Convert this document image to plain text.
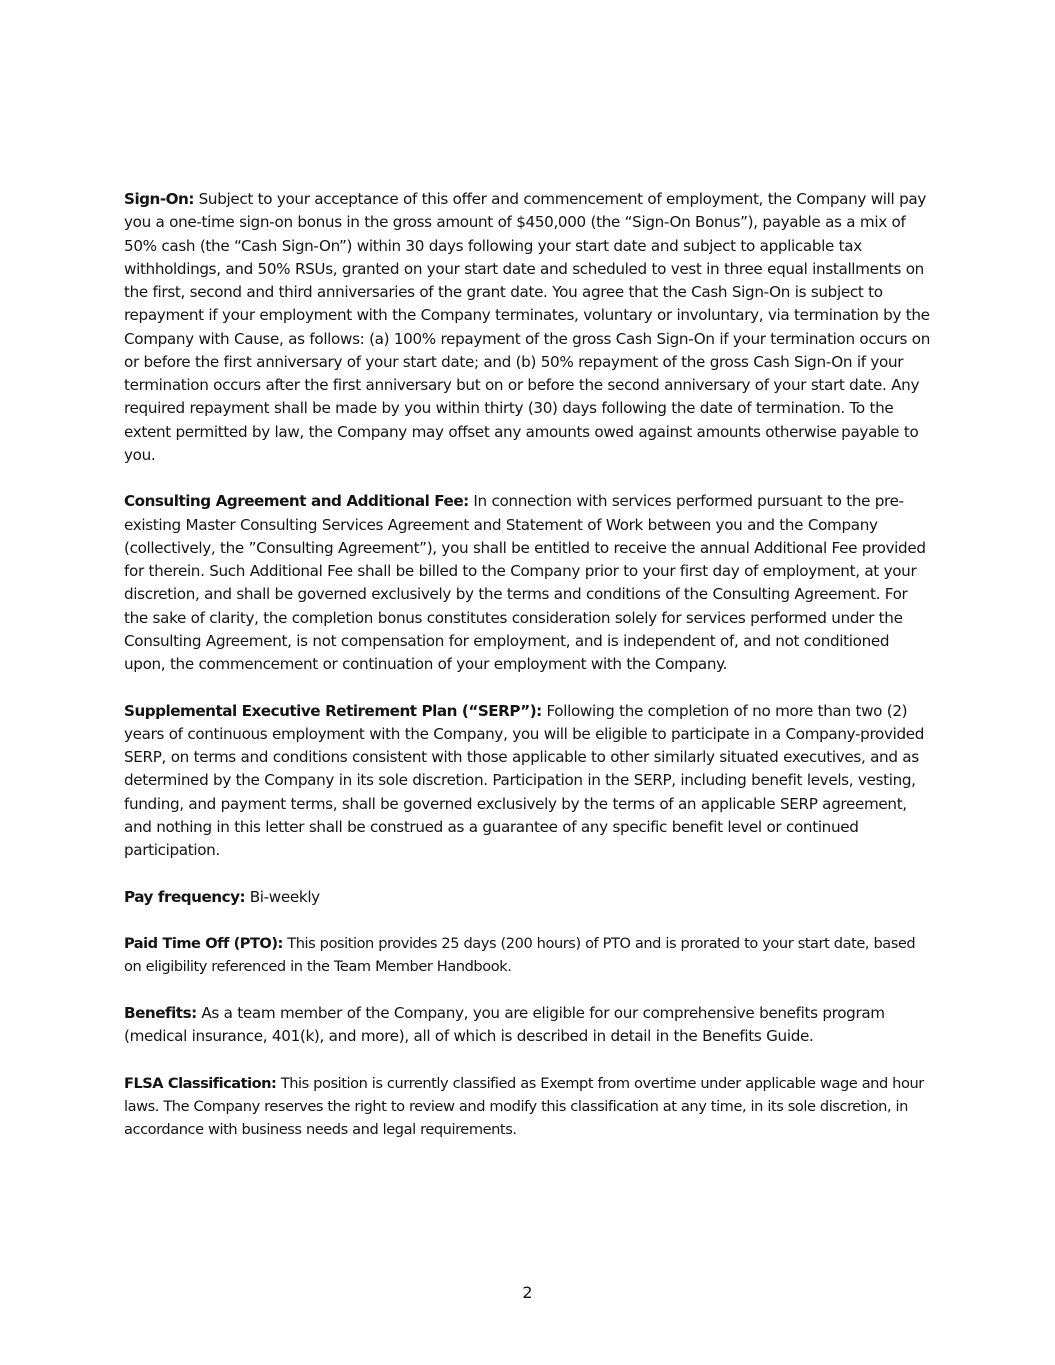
Sign-On: Subject to your acceptance of this offer and commencement of employment, the Company will pay you a one-time sign-on bonus in the gross amount of $450,000 (the “Sign-On Bonus”), payable as a mix of 50% cash (the “Cash Sign-On”) within 30 days following your start date and subject to applicable tax withholdings, and 50% RSUs, granted on your start date and scheduled to vest in three equal installments on the first, second and third anniversaries of the grant date. You agree that the Cash Sign-On is subject to repayment if your employment with the Company terminates, voluntary or involuntary, via termination by the Company with Cause, as follows: (a) 100% repayment of the gross Cash Sign-On if your termination occurs on or before the first anniversary of your start date; and (b) 50% repayment of the gross Cash Sign-On if your termination occurs after the first anniversary but on or before the second anniversary of your start date. Any required repayment shall be made by you within thirty (30) days following the date of termination. To the extent permitted by law, the Company may offset any amounts owed against amounts otherwise payable to you.

Consulting Agreement and Additional Fee: In connection with services performed pursuant to the pre-existing Master Consulting Services Agreement and Statement of Work between you and the Company (collectively, the ”Consulting Agreement”), you shall be entitled to receive the annual Additional Fee provided for therein. Such Additional Fee shall be billed to the Company prior to your first day of employment, at your discretion, and shall be governed exclusively by the terms and conditions of the Consulting Agreement. For the sake of clarity, the completion bonus constitutes consideration solely for services performed under the Consulting Agreement, is not compensation for employment, and is independent of, and not conditioned upon, the commencement or continuation of your employment with the Company.

Supplemental Executive Retirement Plan (“SERP”): Following the completion of no more than two (2) years of continuous employment with the Company, you will be eligible to participate in a Company-provided SERP, on terms and conditions consistent with those applicable to other similarly situated executives, and as determined by the Company in its sole discretion. Participation in the SERP, including benefit levels, vesting, funding, and payment terms, shall be governed exclusively by the terms of an applicable SERP agreement, and nothing in this letter shall be construed as a guarantee of any specific benefit level or continued participation.

Pay frequency: Bi-weekly

Paid Time Off (PTO): This position provides 25 days (200 hours) of PTO and is prorated to your start date, based on eligibility referenced in the Team Member Handbook.

Benefits: As a team member of the Company, you are eligible for our comprehensive benefits program (medical insurance, 401(k), and more), all of which is described in detail in the Benefits Guide.

FLSA Classification: This position is currently classified as Exempt from overtime under applicable wage and hour laws. The Company reserves the right to review and modify this classification at any time, in its sole discretion, in accordance with business needs and legal requirements.

2
